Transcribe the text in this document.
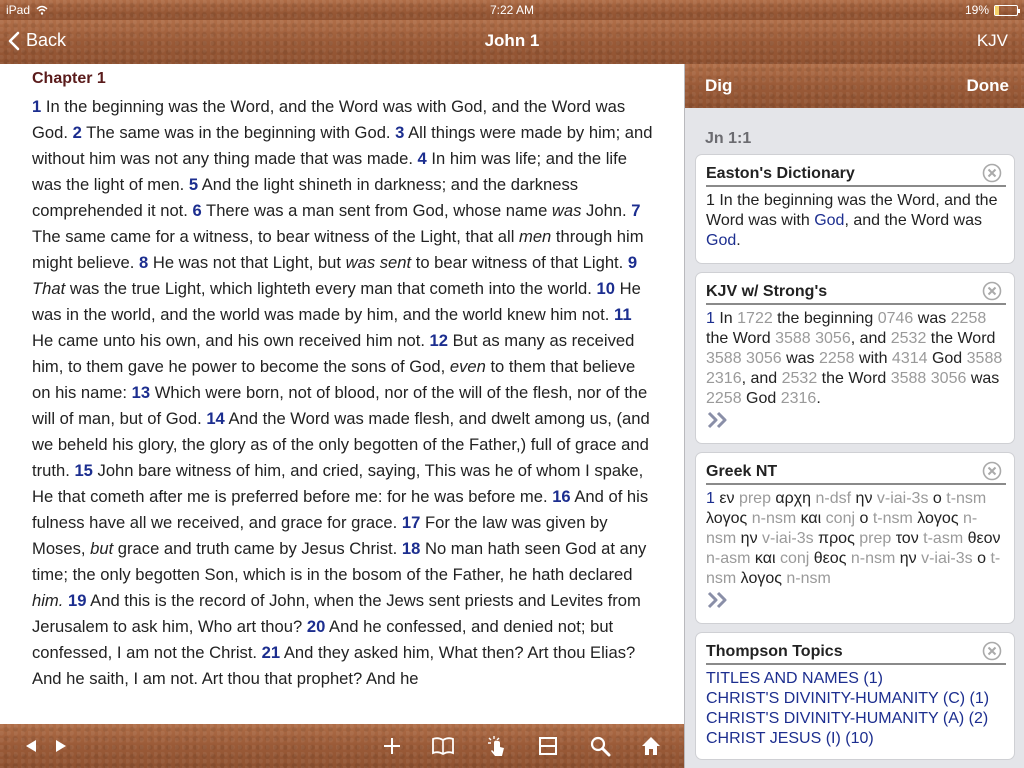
iPad	7:22 AM	19%
Back	John 1	KJV
Chapter 1
1 In the beginning was the Word, and the Word was with God, and the Word was God. 2 The same was in the beginning with God. 3 All things were made by him; and without him was not any thing made that was made. 4 In him was life; and the life was the light of men. 5 And the light shineth in darkness; and the darkness comprehended it not. 6 There was a man sent from God, whose name was John. 7 The same came for a witness, to bear witness of the Light, that all men through him might believe. 8 He was not that Light, but was sent to bear witness of that Light. 9 That was the true Light, which lighteth every man that cometh into the world. 10 He was in the world, and the world was made by him, and the world knew him not. 11 He came unto his own, and his own received him not. 12 But as many as received him, to them gave he power to become the sons of God, even to them that believe on his name: 13 Which were born, not of blood, nor of the will of the flesh, nor of the will of man, but of God. 14 And the Word was made flesh, and dwelt among us, (and we beheld his glory, the glory as of the only begotten of the Father,) full of grace and truth. 15 John bare witness of him, and cried, saying, This was he of whom I spake, He that cometh after me is preferred before me: for he was before me. 16 And of his fulness have all we received, and grace for grace. 17 For the law was given by Moses, but grace and truth came by Jesus Christ. 18 No man hath seen God at any time; the only begotten Son, which is in the bosom of the Father, he hath declared him. 19 And this is the record of John, when the Jews sent priests and Levites from Jerusalem to ask him, Who art thou? 20 And he confessed, and denied not; but confessed, I am not the Christ. 21 And they asked him, What then? Art thou Elias? And he saith, I am not. Art thou that prophet? And he
Dig	Done
Jn 1:1
Easton's Dictionary
1 In the beginning was the Word, and the Word was with God, and the Word was God.
KJV w/ Strong's
1 In 1722 the beginning 0746 was 2258 the Word 3588 3056, and 2532 the Word 3588 3056 was 2258 with 4314 God 3588 2316, and 2532 the Word 3588 3056 was 2258 God 2316.
Greek NT
1 εν prep αρχη n-dsf ην v-iai-3s ο t-nsm λογος n-nsm και conj ο t-nsm λογος n-nsm ην v-iai-3s προς prep τον t-asm θεον n-asm και conj θεος n-nsm ην v-iai-3s ο t-nsm λογος n-nsm
Thompson Topics
TITLES AND NAMES (1)
CHRIST'S DIVINITY-HUMANITY (C) (1)
CHRIST'S DIVINITY-HUMANITY (A) (2)
CHRIST JESUS (I) (10)
